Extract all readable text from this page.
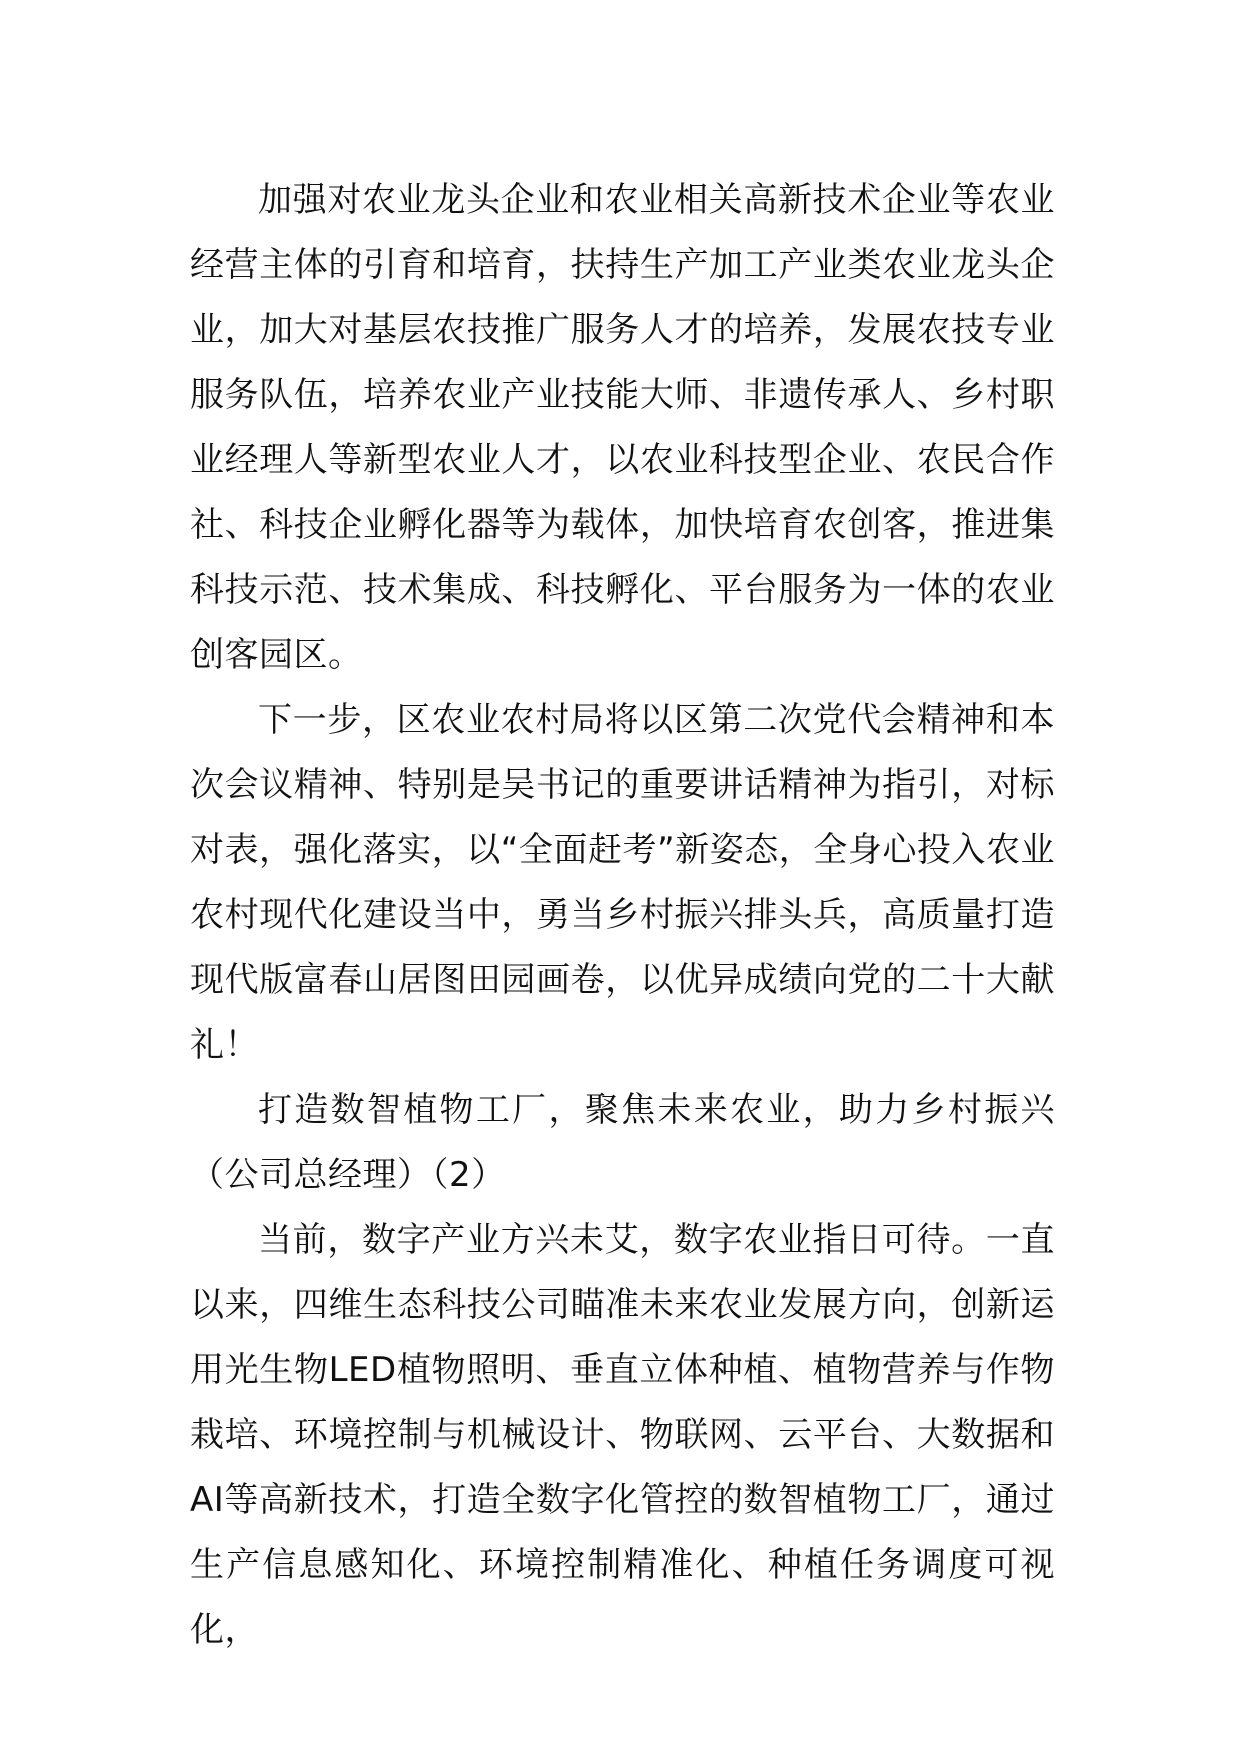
加强对农业龙头企业和农业相关高新技术企业等农业经营主体的引育和培育，扶持生产加工产业类农业龙头企业，加大对基层农技推广服务人才的培养，发展农技专业服务队伍，培养农业产业技能大师、非遗传承人、乡村职业经理人等新型农业人才，以农业科技型企业、农民合作社、科技企业孵化器等为载体，加快培育农创客，推进集科技示范、技术集成、科技孵化、平台服务为一体的农业创客园区。

下一步，区农业农村局将以区第二次党代会精神和本次会议精神、特别是吴书记的重要讲话精神为指引，对标对表，强化落实，以“全面赶考”新姿态，全身心投入农业农村现代化建设当中，勇当乡村振兴排头兵，高质量打造现代版富春山居图田园画卷，以优异成绩向党的二十大献礼！

打造数智植物工厂，聚焦未来农业，助力乡村振兴（公司总经理）（2）

当前，数字产业方兴未艾，数字农业指日可待。一直以来，四维生态科技公司瞄准未来农业发展方向，创新运用光生物LED植物照明、垂直立体种植、植物营养与作物栽培、环境控制与机械设计、物联网、云平台、大数据和AI等高新技术，打造全数字化管控的数智植物工厂，通过生产信息感知化、环境控制精准化、种植任务调度可视化，
